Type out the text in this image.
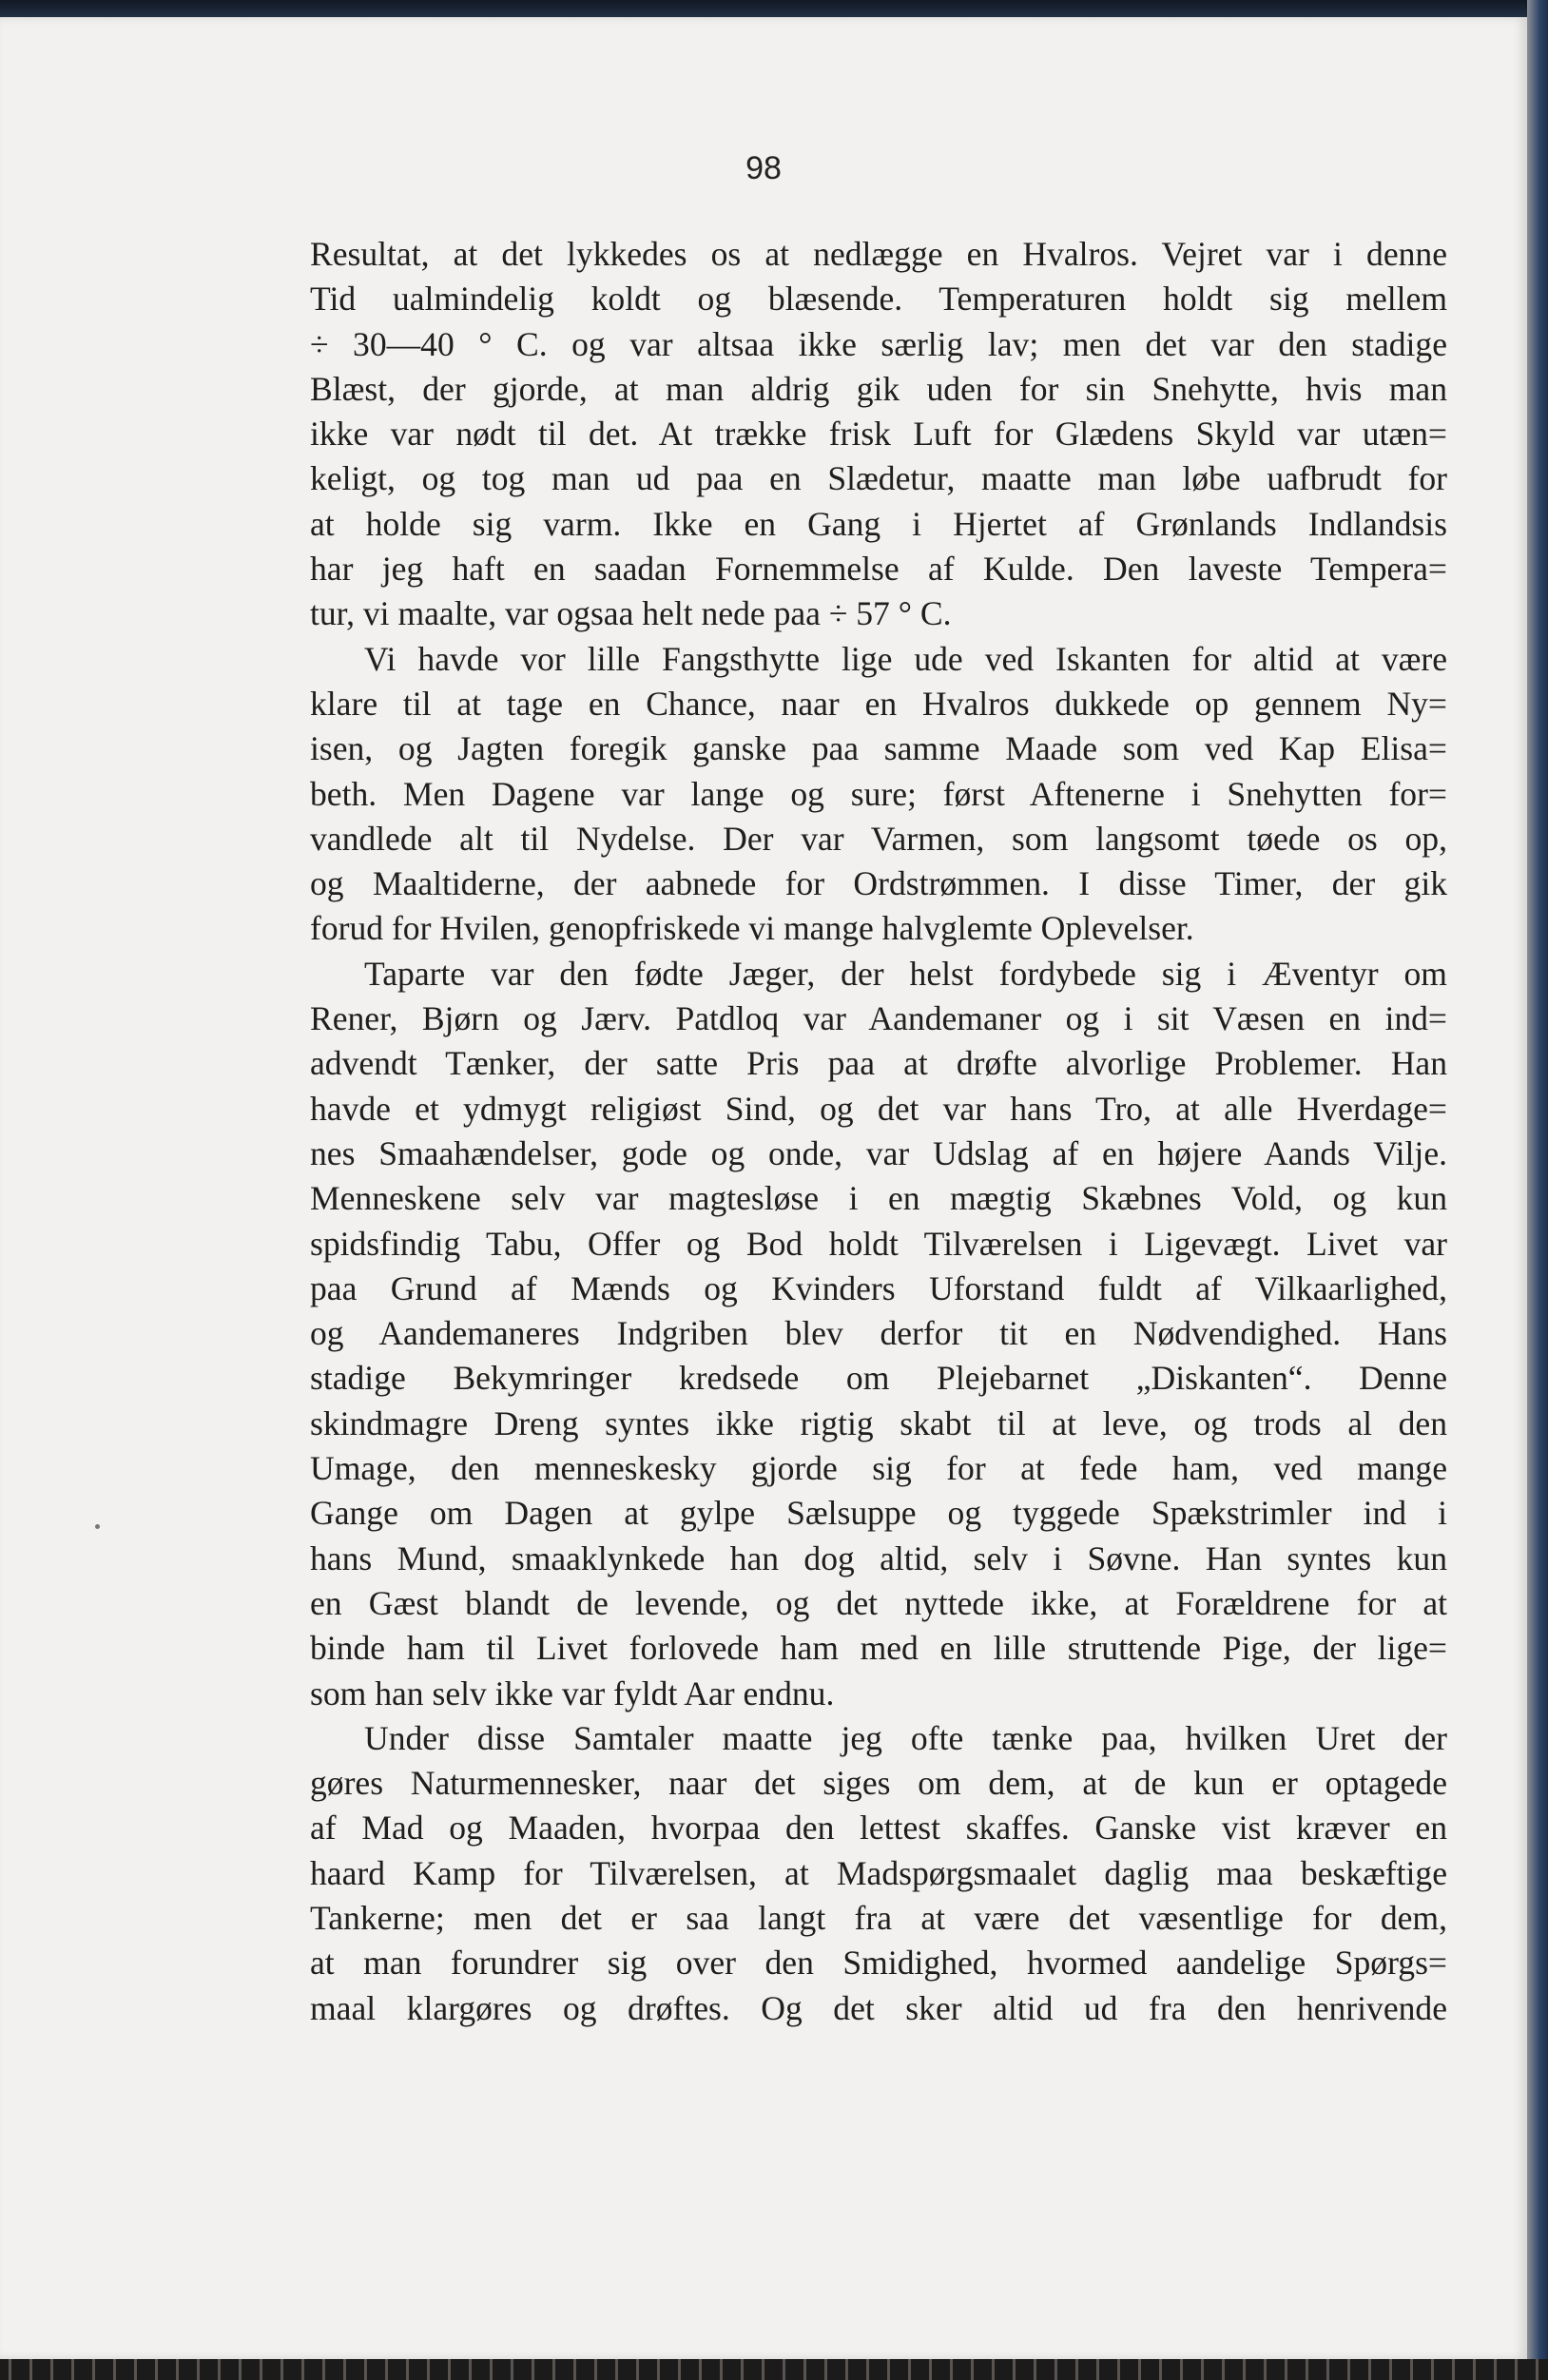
98
Resultat, at det lykkedes os at nedlægge en Hvalros. Vejret var i denne
Tid ualmindelig koldt og blæsende. Temperaturen holdt sig mellem
÷ 30—40 ° C. og var altsaa ikke særlig lav; men det var den stadige
Blæst, der gjorde, at man aldrig gik uden for sin Snehytte, hvis man
ikke var nødt til det. At trække frisk Luft for Glædens Skyld var utæn=
keligt, og tog man ud paa en Slædetur, maatte man løbe uafbrudt for
at holde sig varm. Ikke en Gang i Hjertet af Grønlands Indlandsis
har jeg haft en saadan Fornemmelse af Kulde. Den laveste Tempera=
tur, vi maalte, var ogsaa helt nede paa ÷ 57 ° C.
Vi havde vor lille Fangsthytte lige ude ved Iskanten for altid at være
klare til at tage en Chance, naar en Hvalros dukkede op gennem Ny=
isen, og Jagten foregik ganske paa samme Maade som ved Kap Elisa=
beth. Men Dagene var lange og sure; først Aftenerne i Snehytten for=
vandlede alt til Nydelse. Der var Varmen, som langsomt tøede os op,
og Maaltiderne, der aabnede for Ordstrømmen. I disse Timer, der gik
forud for Hvilen, genopfriskede vi mange halvglemte Oplevelser.
Taparte var den fødte Jæger, der helst fordybede sig i Æventyr om
Rener, Bjørn og Jærv. Patdloq var Aandemaner og i sit Væsen en ind=
advendt Tænker, der satte Pris paa at drøfte alvorlige Problemer. Han
havde et ydmygt religiøst Sind, og det var hans Tro, at alle Hverdage=
nes Smaahændelser, gode og onde, var Udslag af en højere Aands Vilje.
Menneskene selv var magtesløse i en mægtig Skæbnes Vold, og kun
spidsfindig Tabu, Offer og Bod holdt Tilværelsen i Ligevægt. Livet var
paa Grund af Mænds og Kvinders Uforstand fuldt af Vilkaarlighed,
og Aandemaneres Indgriben blev derfor tit en Nødvendighed. Hans
stadige Bekymringer kredsede om Plejebarnet „Diskanten“. Denne
skindmagre Dreng syntes ikke rigtig skabt til at leve, og trods al den
Umage, den menneskesky gjorde sig for at fede ham, ved mange
Gange om Dagen at gylpe Sælsuppe og tyggede Spækstrimler ind i
hans Mund, smaaklynkede han dog altid, selv i Søvne. Han syntes kun
en Gæst blandt de levende, og det nyttede ikke, at Forældrene for at
binde ham til Livet forlovede ham med en lille struttende Pige, der lige=
som han selv ikke var fyldt Aar endnu.
Under disse Samtaler maatte jeg ofte tænke paa, hvilken Uret der
gøres Naturmennesker, naar det siges om dem, at de kun er optagede
af Mad og Maaden, hvorpaa den lettest skaffes. Ganske vist kræver en
haard Kamp for Tilværelsen, at Madspørgsmaalet daglig maa beskæftige
Tankerne; men det er saa langt fra at være det væsentlige for dem,
at man forundrer sig over den Smidighed, hvormed aandelige Spørgs=
maal klargøres og drøftes. Og det sker altid ud fra den henrivende
